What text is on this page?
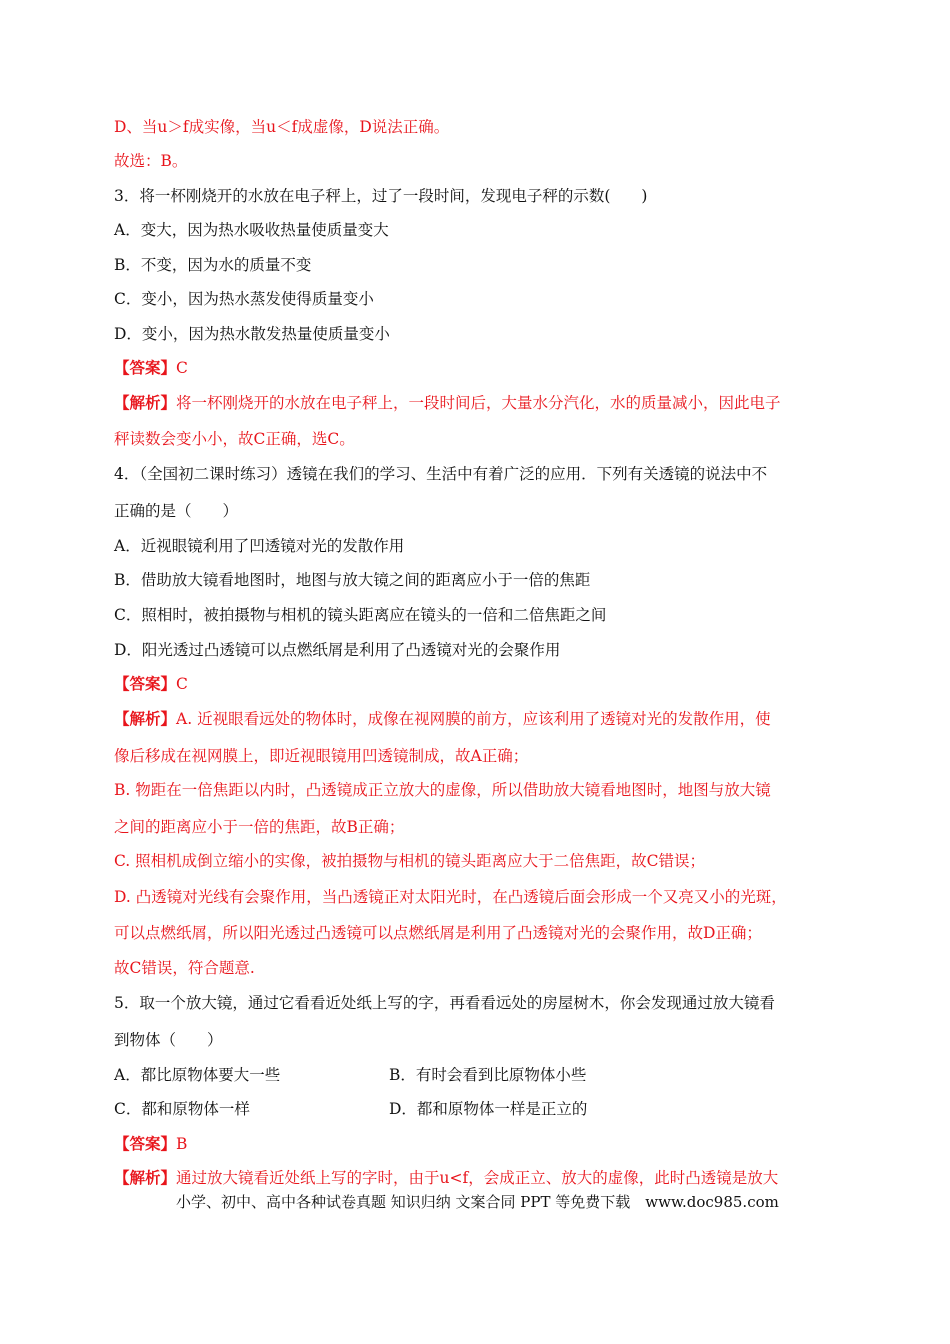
D、当u＞f成实像，当u＜f成虚像，D说法正确。
故选：B。
3．将一杯刚烧开的水放在电子秤上，过了一段时间，发现电子秤的示数(　　)
A．变大，因为热水吸收热量使质量变大
B．不变，因为水的质量不变
C．变小，因为热水蒸发使得质量变小
D．变小，因为热水散发热量使质量变小
【答案】C
【解析】将一杯刚烧开的水放在电子秤上，一段时间后，大量水分汽化，水的质量减小，因此电子
秤读数会变小小，故C正确，选C。
4．（全国初二课时练习）透镜在我们的学习、生活中有着广泛的应用．下列有关透镜的说法中不
正确的是（　　）
A．近视眼镜利用了凹透镜对光的发散作用
B．借助放大镜看地图时，地图与放大镜之间的距离应小于一倍的焦距
C．照相时，被拍摄物与相机的镜头距离应在镜头的一倍和二倍焦距之间
D．阳光透过凸透镜可以点燃纸屑是利用了凸透镜对光的会聚作用
【答案】C
【解析】A. 近视眼看远处的物体时，成像在视网膜的前方，应该利用了透镜对光的发散作用，使
像后移成在视网膜上，即近视眼镜用凹透镜制成，故A正确；
B. 物距在一倍焦距以内时，凸透镜成正立放大的虚像，所以借助放大镜看地图时，地图与放大镜
之间的距离应小于一倍的焦距，故B正确；
C. 照相机成倒立缩小的实像，被拍摄物与相机的镜头距离应大于二倍焦距，故C错误；
D. 凸透镜对光线有会聚作用，当凸透镜正对太阳光时，在凸透镜后面会形成一个又亮又小的光斑，
可以点燃纸屑，所以阳光透过凸透镜可以点燃纸屑是利用了凸透镜对光的会聚作用，故D正确；
故C错误，符合题意.
5．取一个放大镜，通过它看看近处纸上写的字，再看看远处的房屋树木，你会发现通过放大镜看
到物体（　　）
A．都比原物体要大一些	B．有时会看到比原物体小些
C．都和原物体一样	D．都和原物体一样是正立的
【答案】B
【解析】通过放大镜看近处纸上写的字时，由于u<f，会成正立、放大的虚像，此时凸透镜是放大
小学、初中、高中各种试卷真题 知识归纳 文案合同 PPT 等免费下载　www.doc985.com
